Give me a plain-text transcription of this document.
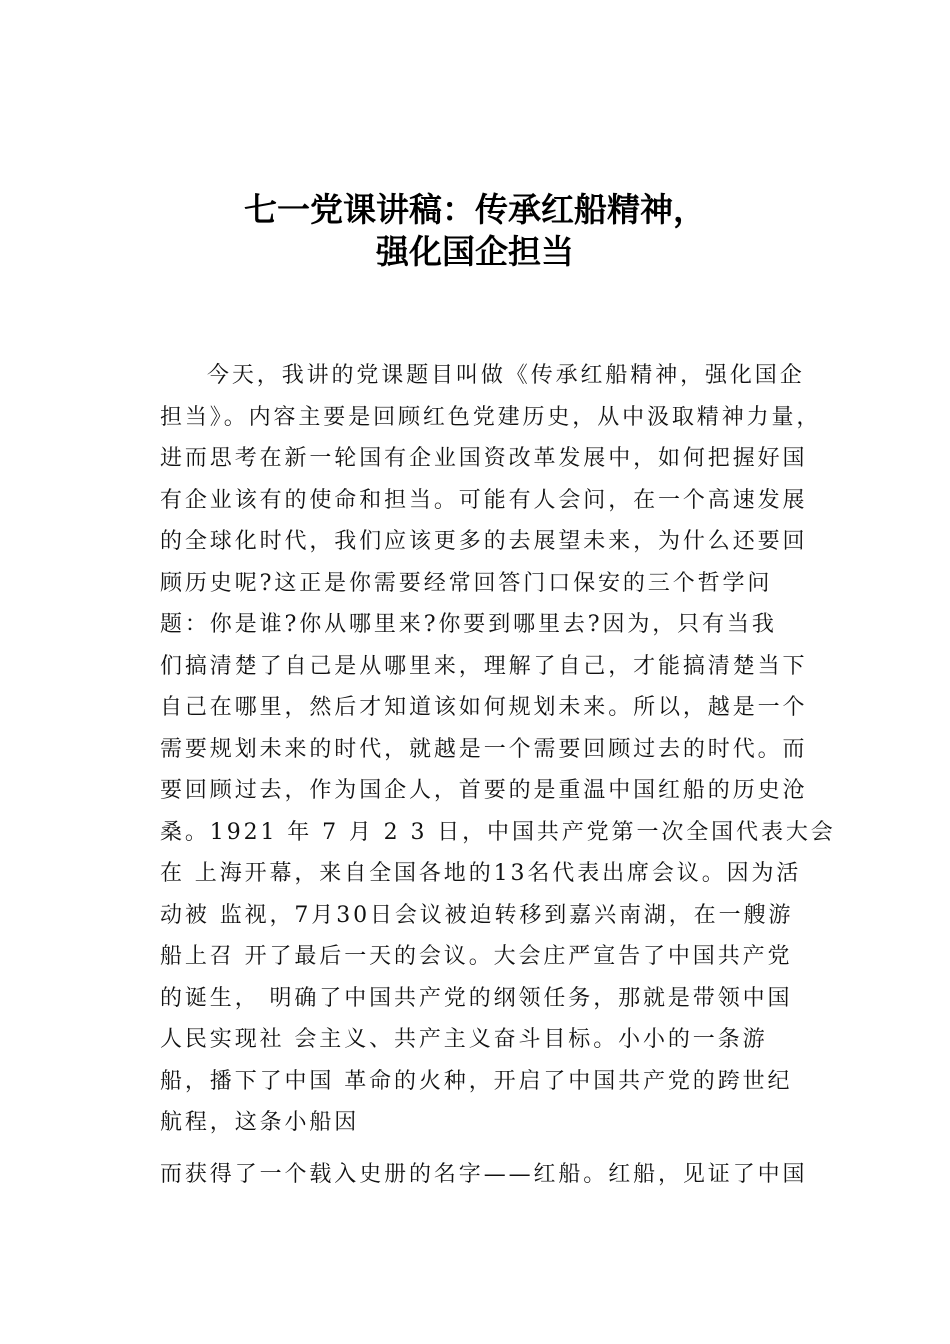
七一党课讲稿：传承红船精神，
强化国企担当
今天，我讲的党课题目叫做《传承红船精神，强化国企
担当》。内容主要是回顾红色党建历史，从中汲取精神力量，
进而思考在新一轮国有企业国资改革发展中，如何把握好国
有企业该有的使命和担当。可能有人会问，在一个高速发展
的全球化时代，我们应该更多的去展望未来，为什么还要回
顾历史呢?这正是你需要经常回答门口保安的三个哲学问
题：你是谁?你从哪里来?你要到哪里去?因为，只有当我
们搞清楚了自己是从哪里来，理解了自己，才能搞清楚当下
自己在哪里，然后才知道该如何规划未来。所以，越是一个
需要规划未来的时代，就越是一个需要回顾过去的时代。而
要回顾过去，作为国企人，首要的是重温中国红船的历史沧
桑。1921 年 7 月 2 3 日，中国共产党第一次全国代表大会
在 上海开幕，来自全国各地的13名代表出席会议。因为活
动被 监视，7月30日会议被迫转移到嘉兴南湖，在一艘游
船上召 开了最后一天的会议。大会庄严宣告了中国共产党
的诞生， 明确了中国共产党的纲领任务，那就是带领中国
人民实现社 会主义、共产主义奋斗目标。小小的一条游
船，播下了中国 革命的火种，开启了中国共产党的跨世纪
航程，这条小船因
而获得了一个载入史册的名字——红船。红船，见证了中国
